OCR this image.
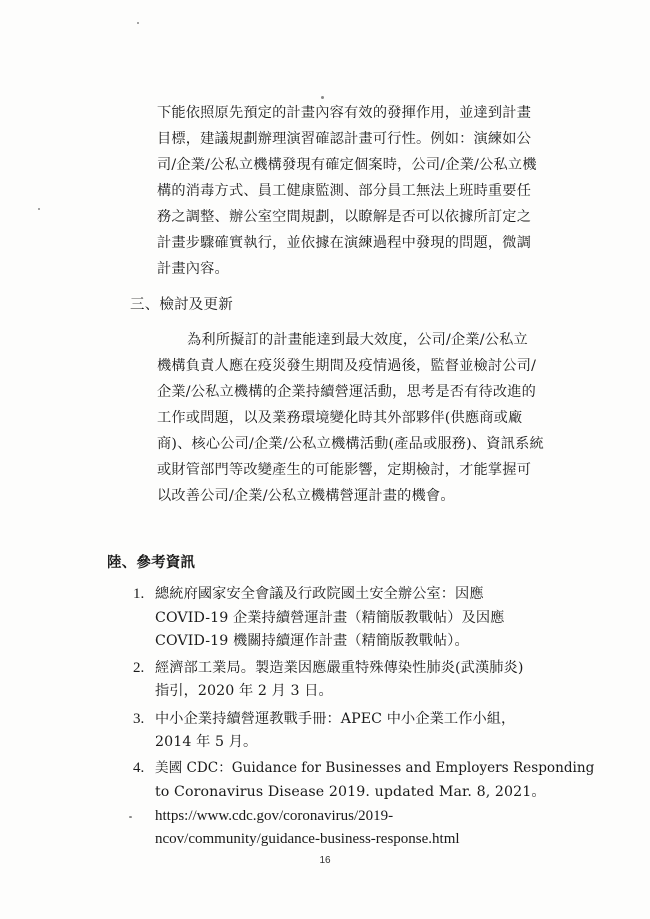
下能依照原先預定的計畫內容有效的發揮作用，並達到計畫
目標，建議規劃辦理演習確認計畫可行性。例如：演練如公
司/企業/公私立機構發現有確定個案時，公司/企業/公私立機
構的消毒方式、員工健康監測、部分員工無法上班時重要任
務之調整、辦公室空間規劃，以瞭解是否可以依據所訂定之
計畫步驟確實執行，並依據在演練過程中發現的問題，微調
計畫內容。
三、檢討及更新
為利所擬訂的計畫能達到最大效度，公司/企業/公私立
機構負責人應在疫災發生期間及疫情過後，監督並檢討公司/
企業/公私立機構的企業持續營運活動，思考是否有待改進的
工作或問題，以及業務環境變化時其外部夥伴(供應商或廠
商)、核心公司/企業/公私立機構活動(產品或服務)、資訊系統
或財管部門等改變產生的可能影響，定期檢討，才能掌握可
以改善公司/企業/公私立機構營運計畫的機會。
陸、參考資訊
1. 總統府國家安全會議及行政院國土安全辦公室：因應
COVID-19 企業持續營運計畫（精簡版教戰帖）及因應
COVID-19 機關持續運作計畫（精簡版教戰帖）。
2. 經濟部工業局。製造業因應嚴重特殊傳染性肺炎(武漢肺炎)
指引，2020 年 2 月 3 日。
3. 中小企業持續營運教戰手冊：APEC 中小企業工作小組，
2014 年 5 月。
4. 美國 CDC：Guidance for Businesses and Employers Responding
to Coronavirus Disease 2019. updated Mar. 8, 2021。
https://www.cdc.gov/coronavirus/2019-
ncov/community/guidance-business-response.html
16
